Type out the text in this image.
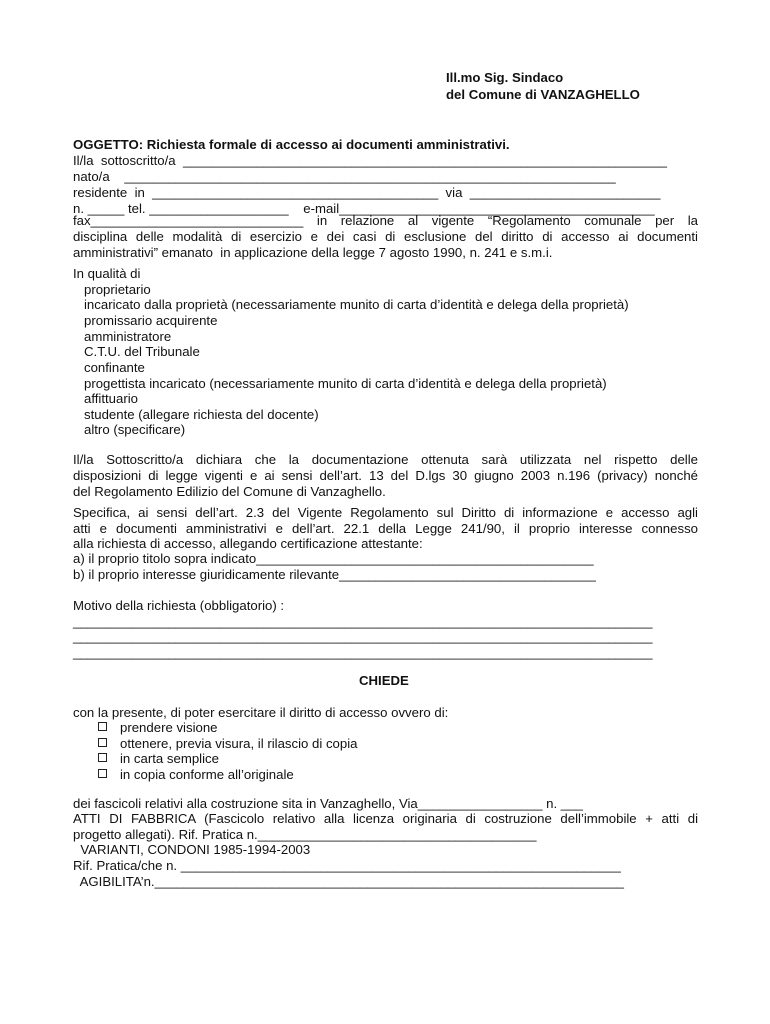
Ill.mo Sig. Sindaco
del Comune di VANZAGHELLO
OGGETTO: Richiesta formale di accesso ai documenti amministrativi.
Il/la  sottoscritto/a  __________________________________________________________________
nato/a    ___________________________________________________________________
residente  in  _______________________________________  via  __________________________
n. _____ tel. ___________________    e-mail___________________________________________
fax_____________________________ in relazione al vigente “Regolamento comunale per la
disciplina delle modalità di esercizio e dei casi di esclusione del diritto di accesso ai documenti
amministrativi” emanato  in applicazione della legge 7 agosto 1990, n. 241 e s.m.i.
In qualità di
proprietario
incaricato dalla proprietà (necessariamente munito di carta d’identità e delega della proprietà)
promissario acquirente
amministratore
C.T.U. del Tribunale
confinante
progettista incaricato (necessariamente munito di carta d’identità e delega della proprietà)
affittuario
studente (allegare richiesta del docente)
altro (specificare)
Il/la Sottoscritto/a dichiara che la documentazione ottenuta sarà utilizzata nel rispetto delle
disposizioni di legge vigenti e ai sensi dell’art. 13 del D.lgs 30 giugno 2003 n.196 (privacy) nonché
del Regolamento Edilizio del Comune di Vanzaghello.
Specifica, ai sensi dell’art. 2.3 del Vigente Regolamento sul Diritto di informazione e accesso agli
atti e documenti amministrativi e dell’art. 22.1 della Legge 241/90, il proprio interesse connesso
alla richiesta di accesso, allegando certificazione attestante:
a) il proprio titolo sopra indicato______________________________________________
b) il proprio interesse giuridicamente rilevante___________________________________
Motivo della richiesta (obbligatorio) :
_______________________________________________________________________________
_______________________________________________________________________________
_______________________________________________________________________________
CHIEDE
con la presente, di poter esercitare il diritto di accesso ovvero di:
prendere visione
ottenere, previa visura, il rilascio di copia
in carta semplice
in copia conforme all’originale
dei fascicoli relativi alla costruzione sita in Vanzaghello, Via_________________ n. ___
ATTI DI FABBRICA (Fascicolo relativo alla licenza originaria di costruzione dell’immobile + atti di
progetto allegati). Rif. Pratica n.______________________________________
VARIANTI, CONDONI 1985-1994-2003
Rif. Pratica/che n. ____________________________________________________________
AGIBILITA’n.________________________________________________________________
